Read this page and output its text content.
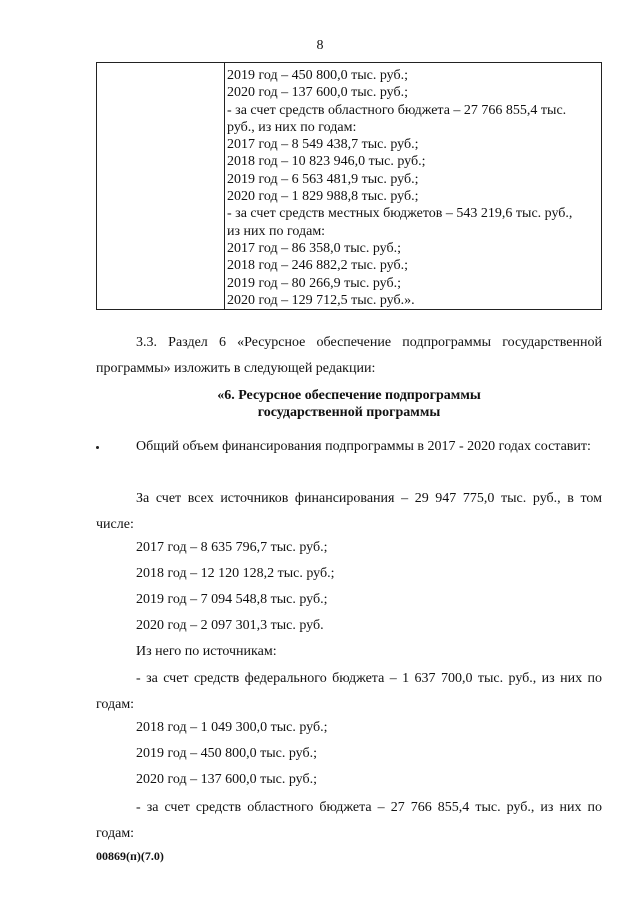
8
2019 год – 450 800,0 тыс. руб.;
2020 год – 137 600,0 тыс. руб.;
- за счет средств областного бюджета – 27 766 855,4 тыс.
руб., из них по годам:
2017 год – 8 549 438,7 тыс. руб.;
2018 год – 10 823 946,0 тыс. руб.;
2019 год – 6 563 481,9 тыс. руб.;
2020 год – 1 829 988,8 тыс. руб.;
- за счет средств местных бюджетов – 543 219,6 тыс. руб.,
из них по годам:
2017 год – 86 358,0 тыс. руб.;
2018 год – 246 882,2 тыс. руб.;
2019 год – 80 266,9 тыс. руб.;
2020 год – 129 712,5 тыс. руб.».
3.3. Раздел 6 «Ресурсное обеспечение подпрограммы государственной программы» изложить в следующей редакции:
«6. Ресурсное обеспечение подпрограммы
государственной программы
Общий объем финансирования подпрограммы в 2017 - 2020 годах составит:
За счет всех источников финансирования – 29 947 775,0 тыс. руб., в том числе:
2017 год – 8 635 796,7 тыс. руб.;
2018 год – 12 120 128,2 тыс. руб.;
2019 год – 7 094 548,8 тыс. руб.;
2020 год – 2 097 301,3 тыс. руб.
Из него по источникам:
- за счет средств федерального бюджета – 1 637 700,0 тыс. руб., из них по годам:
2018 год – 1 049 300,0 тыс. руб.;
2019 год – 450 800,0 тыс. руб.;
2020 год – 137 600,0 тыс. руб.;
- за счет средств областного бюджета – 27 766 855,4 тыс. руб., из них по годам:
00869(п)(7.0)
